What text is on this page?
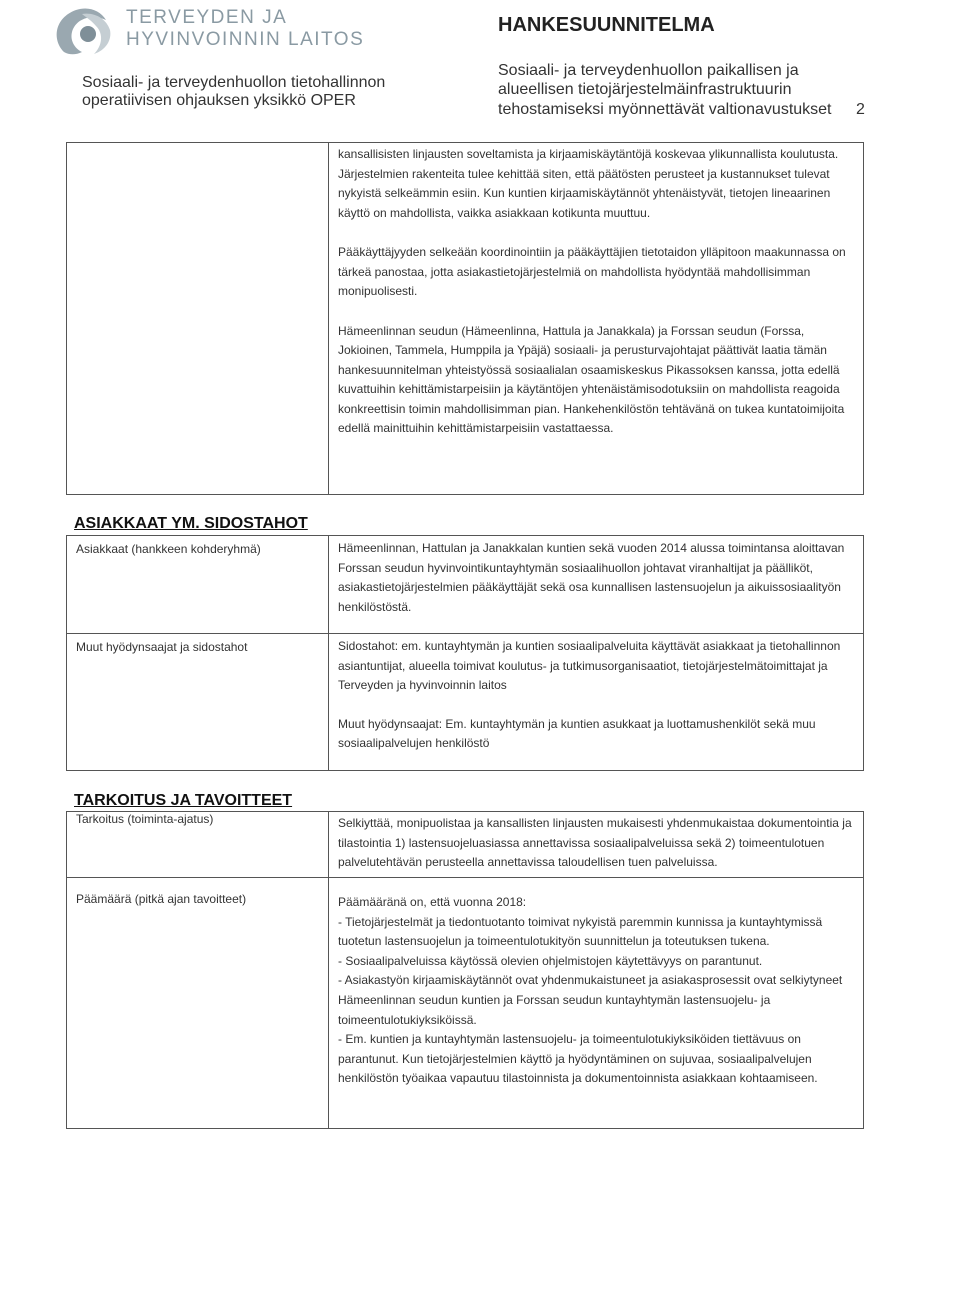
TERVEYDEN JA
HYVINVOINNIN LAITOS
Sosiaali- ja terveydenhuollon tietohallinnon
operatiivisen ohjauksen yksikkö OPER
HANKESUUNNITELMA
Sosiaali- ja terveydenhuollon paikallisen ja
alueellisen tietojärjestelmäinfrastruktuurin
tehostamiseksi myönnettävät valtionavustukset 2

kansallisisten linjausten soveltamista ja kirjaamiskäytäntöjä koskevaa ylikunnallista koulutusta. Järjestelmien rakenteita tulee kehittää siten, että päätösten perusteet ja kustannukset tulevat nykyistä selkeämmin esiin. Kun kuntien kirjaamiskäytännöt yhtenäistyvät, tietojen lineaarinen käyttö on mahdollista, vaikka asiakkaan kotikunta muuttuu.

Pääkäyttäjyyden selkeään koordinointiin ja pääkäyttäjien tietotaidon ylläpitoon maakunnassa on tärkeä panostaa, jotta asiakastietojärjestelmiä on mahdollista hyödyntää mahdollisimman monipuolisesti.

Hämeenlinnan seudun (Hämeenlinna, Hattula ja Janakkala) ja Forssan seudun (Forssa, Jokioinen, Tammela, Humppila ja Ypäjä) sosiaali- ja perusturvajohtajat päättivät laatia tämän hankesuunnitelman yhteistyössä sosiaalialan osaamiskeskus Pikassoksen kanssa, jotta edellä kuvattuihin kehittämistarpeisiin ja käytäntöjen yhtenäistämisodotuksiin on mahdollista reagoida konkreettisin toimin mahdollisimman pian. Hankehenkilöstön tehtävänä on tukea kuntatoimijoita edellä mainittuihin kehittämistarpeisiin vastattaessa.

ASIAKKAAT YM. SIDOSTAHOT
Asiakkaat (hankkeen kohderyhmä)	Hämeenlinnan, Hattulan ja Janakkalan kuntien sekä vuoden 2014 alussa toimintansa aloittavan Forssan seudun hyvinvointikuntayhtymän sosiaalihuollon johtavat viranhaltijat ja päälliköt, asiakastietojärjestelmien pääkäyttäjät sekä osa kunnallisen lastensuojelun ja aikuissosiaalityön henkilöstöstä.

Muut hyödynsaajat ja sidostahot	Sidostahot: em. kuntayhtymän ja kuntien sosiaalipalveluita käyttävät asiakkaat ja tietohallinnon asiantuntijat, alueella toimivat koulutus- ja tutkimusorganisaatiot, tietojärjestelmätoimittajat ja Terveyden ja hyvinvoinnin laitos

Muut hyödynsaajat: Em. kuntayhtymän ja kuntien asukkaat ja luottamushenkilöt sekä muu sosiaalipalvelujen henkilöstö

TARKOITUS JA TAVOITTEET
Tarkoitus (toiminta-ajatus)	Selkiyttää, monipuolistaa ja kansallisten linjausten mukaisesti yhdenmukaistaa dokumentointia ja tilastointia 1) lastensuojeluasiassa annettavissa sosiaalipalveluissa sekä 2) toimeentulotuen palvelutehtävän perusteella annettavissa taloudellisen tuen palveluissa.

Päämäärä (pitkä ajan tavoitteet)	Päämääränä on, että vuonna 2018:

- Tietojärjestelmät ja tiedontuotanto toimivat nykyistä paremmin kunnissa ja kuntayhtymissä tuotetun lastensuojelun ja toimeentulotukityön suunnittelun ja toteutuksen tukena.
- Sosiaalipalveluissa käytössä olevien ohjelmistojen käytettävyys on parantunut.
- Asiakastyön kirjaamiskäytännöt ovat yhdenmukaistuneet ja asiakasprosessit ovat selkiytyneet Hämeenlinnan seudun kuntien ja Forssan seudun kuntayhtymän lastensuojelu- ja toimeentulotukiyksiköissä.
- Em. kuntien ja kuntayhtymän lastensuojelu- ja toimeentulotukiyksiköiden tiettävuus on parantunut. Kun tietojärjestelmien käyttö ja hyödyntäminen on sujuvaa, sosiaalipalvelujen henkilöstön työaikaa vapautuu tilastoinnista ja dokumentoinnista asiakkaan kohtaamiseen.
